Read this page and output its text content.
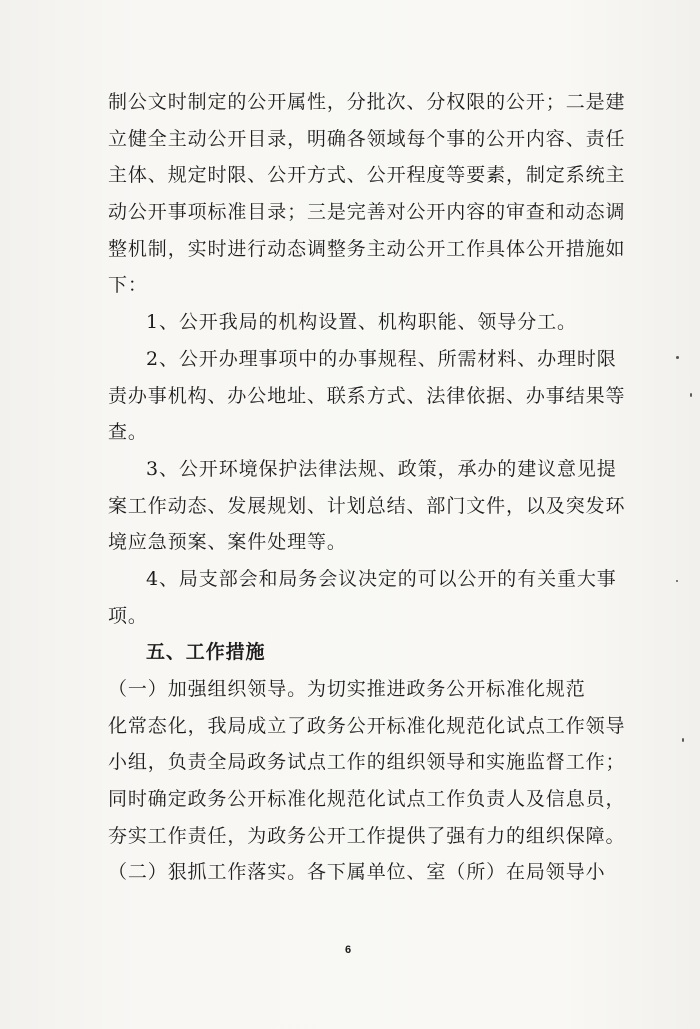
制公文时制定的公开属性，分批次、分权限的公开；二是建
立健全主动公开目录，明确各领域每个事的公开内容、责任
主体、规定时限、公开方式、公开程度等要素，制定系统主
动公开事项标准目录；三是完善对公开内容的审查和动态调
整机制，实时进行动态调整务主动公开工作具体公开措施如
下：
1、公开我局的机构设置、机构职能、领导分工。
2、公开办理事项中的办事规程、所需材料、办理时限
责办事机构、办公地址、联系方式、法律依据、办事结果等
查。
3、公开环境保护法律法规、政策，承办的建议意见提
案工作动态、发展规划、计划总结、部门文件，以及突发环
境应急预案、案件处理等。
4、局支部会和局务会议决定的可以公开的有关重大事
项。
五、工作措施
（一）加强组织领导。为切实推进政务公开标准化规范
化常态化，我局成立了政务公开标准化规范化试点工作领导
小组，负责全局政务试点工作的组织领导和实施监督工作；
同时确定政务公开标准化规范化试点工作负责人及信息员，
夯实工作责任，为政务公开工作提供了强有力的组织保障。
（二）狠抓工作落实。各下属单位、室（所）在局领导小
6
